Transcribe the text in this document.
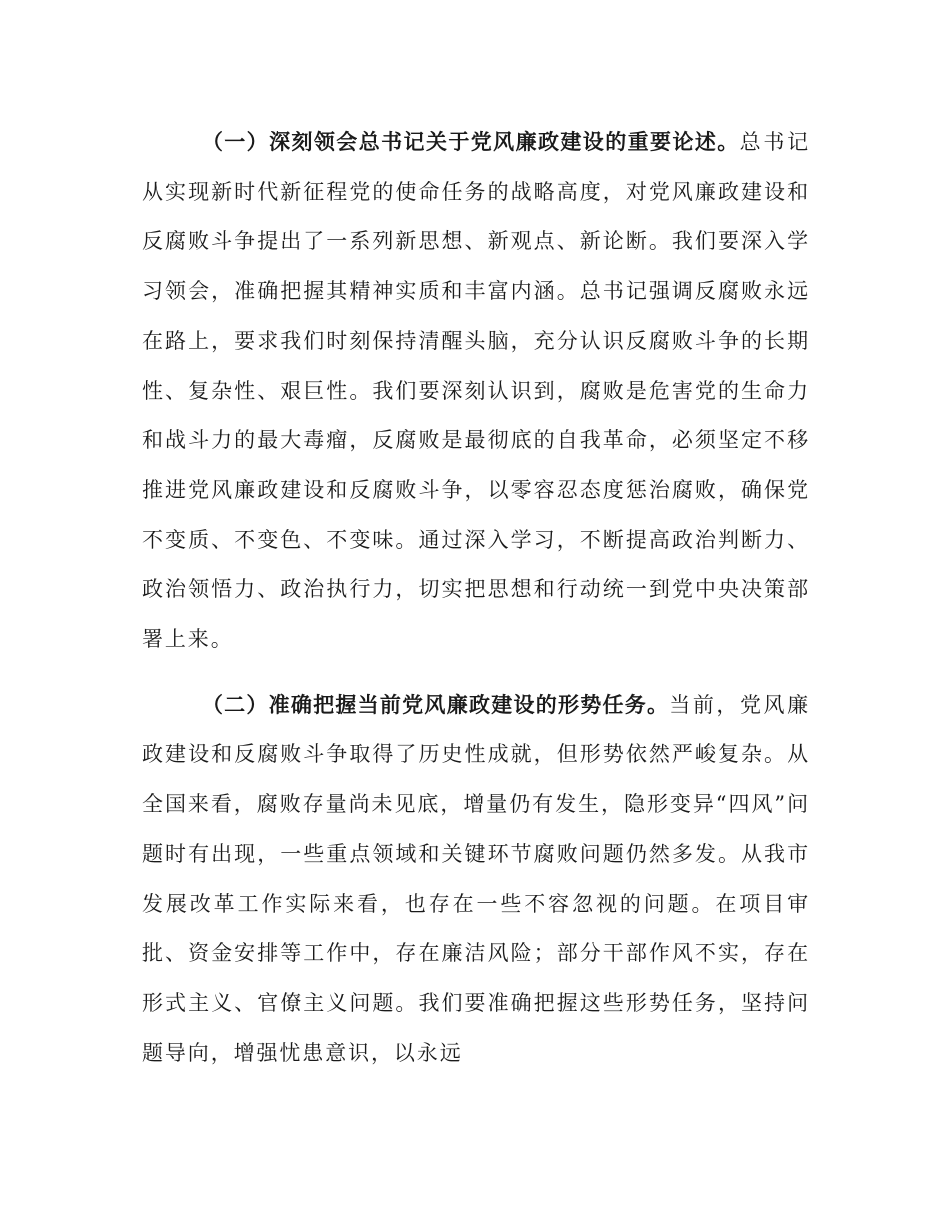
（一）深刻领会总书记关于党风廉政建设的重要论述。总书记从实现新时代新征程党的使命任务的战略高度，对党风廉政建设和反腐败斗争提出了一系列新思想、新观点、新论断。我们要深入学习领会，准确把握其精神实质和丰富内涵。总书记强调反腐败永远在路上，要求我们时刻保持清醒头脑，充分认识反腐败斗争的长期性、复杂性、艰巨性。我们要深刻认识到，腐败是危害党的生命力和战斗力的最大毒瘤，反腐败是最彻底的自我革命，必须坚定不移推进党风廉政建设和反腐败斗争，以零容忍态度惩治腐败，确保党不变质、不变色、不变味。通过深入学习，不断提高政治判断力、政治领悟力、政治执行力，切实把思想和行动统一到党中央决策部署上来。

（二）准确把握当前党风廉政建设的形势任务。当前，党风廉政建设和反腐败斗争取得了历史性成就，但形势依然严峻复杂。从全国来看，腐败存量尚未见底，增量仍有发生，隐形变异“四风”问题时有出现，一些重点领域和关键环节腐败问题仍然多发。从我市发展改革工作实际来看，也存在一些不容忽视的问题。在项目审批、资金安排等工作中，存在廉洁风险；部分干部作风不实，存在形式主义、官僚主义问题。我们要准确把握这些形势任务，坚持问题导向，增强忧患意识，以永远
